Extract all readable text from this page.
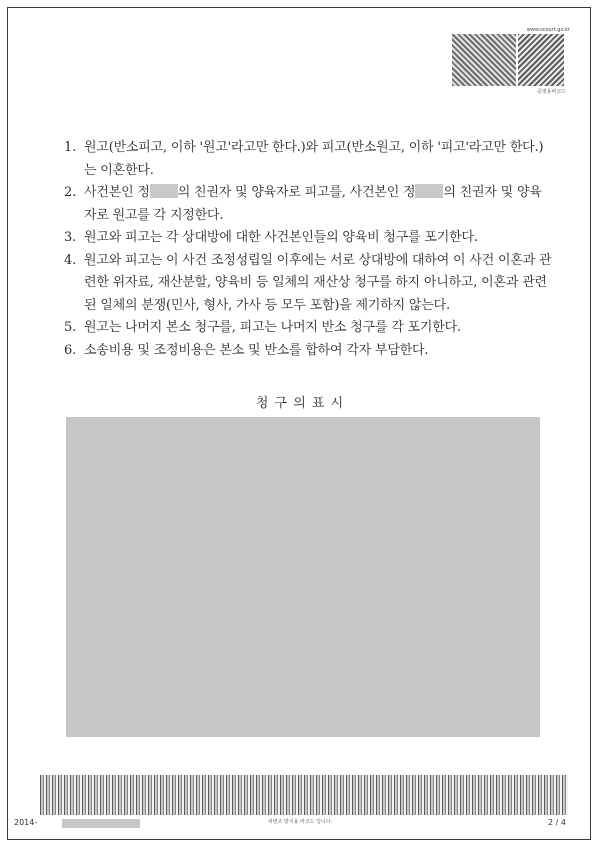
www.scourt.go.kr
증명용바코드
1. 원고(반소피고, 이하 '원고'라고만 한다.)와 피고(반소원고, 이하 '피고'라고만 한다.) 는 이혼한다.
2. 사건본인 정 의 친권자 및 양육자로 피고를, 사건본인 정 의 친권자 및 양육자로 원고를 각 지정한다.
3. 원고와 피고는 각 상대방에 대한 사건본인들의 양육비 청구를 포기한다.
4. 원고와 피고는 이 사건 조정성립일 이후에는 서로 상대방에 대하여 이 사건 이혼과 관련한 위자료, 재산분할, 양육비 등 일체의 재산상 청구를 하지 아니하고, 이혼과 관련된 일체의 분쟁(민사, 형사, 가사 등 모두 포함)을 제기하지 않는다.
5. 원고는 나머지 본소 청구를, 피고는 나머지 반소 청구를 각 포기한다.
6. 소송비용 및 조정비용은 본소 및 반소를 합하여 각자 부담한다.
청 구 의 표 시
2014-	위변조 방지용 바코드 입니다.	2 / 4
